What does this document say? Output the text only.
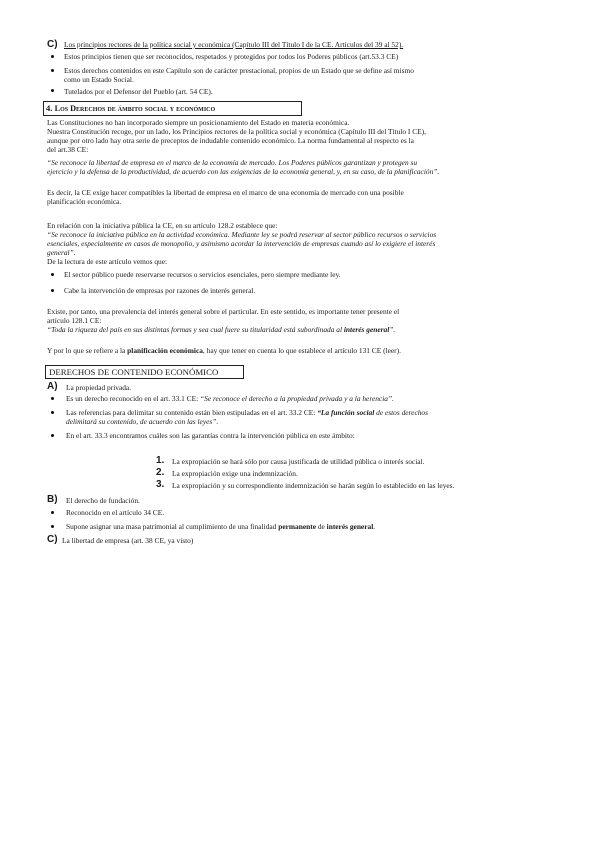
C) Los principios rectores de la política social y económica (Capítulo III del Título I de la CE. Artículos del 39 al 52).
Estos principios tienen que ser reconocidos, respetados y protegidos por todos los Poderes públicos (art.53.3 CE)
Estos derechos contenidos en este Capítulo son de carácter prestacional, propios de un Estado que se define así mismo
como un Estado Social.
Tutelados por el Defensor del Pueblo (art. 54 CE).
4. Los Derechos de ámbito social y económico
Las Constituciones no han incorporado siempre un posicionamiento del Estado en materia económica.
Nuestra Constitución recoge, por un lado, los Principios rectores de la política social y económica (Capítulo III del Título I CE),
aunque por otro lado hay otra serie de preceptos de indudable contenido económico. La norma fundamental al respecto es la
del art.38 CE:
“Se reconoce la libertad de empresa en el marco de la economía de mercado. Los Poderes públicos garantizan y protegen su
ejercicio y la defensa de la productividad, de acuerdo con las exigencias de la economía general, y, en su caso, de la planificación”.
Es decir, la CE exige hacer compatibles la libertad de empresa en el marco de una economía de mercado con una posible
planificación económica.
En relación con la iniciativa pública la CE, en su artículo 128.2 establece que:
“Se reconoce la iniciativa pública en la actividad económica. Mediante ley se podrá reservar al sector público recursos o servicios
esenciales, especialmente en casos de monopolio, y asimismo acordar la intervención de empresas cuando así lo exigiere el interés
general”.
De la lectura de este artículo vemos que:
El sector público puede reservarse recursos o servicios esenciales, pero siempre mediante ley.
Cabe la intervención de empresas por razones de interés general.
Existe, por tanto, una prevalencia del interés general sobre el particular. En este sentido, es importante tener presente el
artículo 128.1 CE:
“Toda la riqueza del país en sus distintas formas y sea cual fuere su titularidad está subordinada al interés general”.
Y por lo que se refiere a la planificación económica, hay que tener en cuenta lo que establece el artículo 131 CE (leer).
DERECHOS DE CONTENIDO ECONÓMICO
A) La propiedad privada.
Es un derecho reconocido en el art. 33.1 CE: “Se reconoce el derecho a la propiedad privada y a la herencia”.
Las referencias para delimitar su contenido están bien estipuladas en el art. 33.2 CE: “La función social de estos derechos
delimitará su contenido, de acuerdo con las leyes”.
En el art. 33.3 encontramos cuáles son las garantías contra la intervención pública en este ámbito:
1. La expropiación se hará sólo por causa justificada de utilidad pública o interés social.
2. La expropiación exige una indemnización.
3. La expropiación y su correspondiente indemnización se harán según lo establecido en las leyes.
B) El derecho de fundación.
Reconocido en el artículo 34 CE.
Supone asignar una masa patrimonial al cumplimiento de una finalidad permanente de interés general.
C) La libertad de empresa (art. 38 CE, ya visto)
